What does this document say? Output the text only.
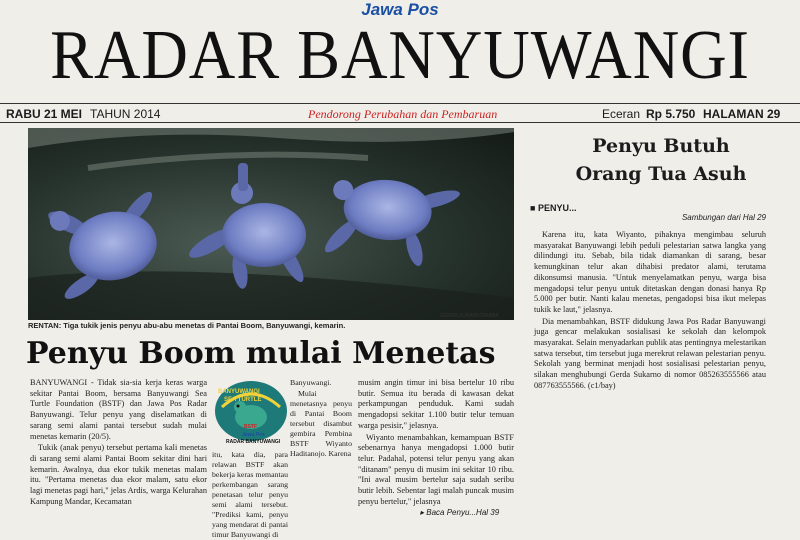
Jawa Pos
RADAR BANYUWANGI
RABU 21 MEI TAHUN 2014	Pendorong Perubahan dan Pembaruan	Eceran Rp 5.750 HALAMAN 29
GERDA SUKARNO/RABA
RENTAN: Tiga tukik jenis penyu abu-abu menetas di Pantai Boom, Banyuwangi, kemarin.
Penyu Boom mulai Menetas

BANYUWANGI - Tidak sia-sia kerja keras warga sekitar Pantai Boom, bersama Banyuwangi Sea Turtle Foundation (BSTF) dan Jawa Pos Radar Banyuwangi. Telur penyu yang diselamatkan di sarang semi alami pantai tersebut sudah mulai menetas kemarin (20/5).

Tukik (anak penyu) tersebut pertama kali menetas di sarang semi alami Pantai Boom sekitar dini hari kemarin. Awalnya, dua ekor tukik menetas malam itu. "Pertama menetas dua ekor malam, satu ekor lagi menetas pagi hari," jelas Ardis, warga Kelurahan Kampung Mandar, Kecamatan

BANYUWANGI
SEA TURTLE
BSTF
Jawa Pos
RADAR BANYUWANGI

itu, kata dia, para relawan BSTF akan bekerja keras memantau perkembangan sarang penetasan telur penyu semi alami tersebut. "Prediksi kami, penyu yang mendarat di pantai timur Banyuwangi di

Banyuwangi.

Mulai menetasnya penyu di Pantai Boom tersebut disambut gembira Pembina BSTF Wiyanto Haditanojo. Karena

musim angin timur ini bisa bertelur 10 ribu butir. Semua itu berada di kawasan dekat perkampungan penduduk. Kami sudah mengadopsi sekitar 1.100 butir telur temuan warga pesisir," jelasnya.

Wiyanto menambahkan, kemampuan BSTF sebenarnya hanya mengadopsi 1.000 butir telur. Padahal, potensi telur penyu yang akan "ditanam" penyu di musim ini sekitar 10 ribu. "Ini awal musim bertelur saja sudah seribu butir lebih. Sebentar lagi malah puncak musim penyu bertelur," jelasnya

▸ Baca Penyu...Hal 39
Penyu Butuh
Orang Tua Asuh
■ PENYU...
Sambungan dari Hal 29

Karena itu, kata Wiyanto, pihaknya mengimbau seluruh masyarakat Banyuwangi lebih peduli pelestarian satwa langka yang dilindungi itu. Sebab, bila tidak diamankan di sarang, besar kemungkinan telur akan dihabisi predator alami, terutama dikonsumsi manusia. "Untuk menyelamatkan penyu, warga bisa mengadopsi telur penyu untuk ditetaskan dengan donasi hanya Rp 5.000 per butir. Nanti kalau menetas, pengadopsi bisa ikut melepas tukik ke laut," jelasnya.

Dia menambahkan, BSTF didukung Jawa Pos Radar Banyuwangi juga gencar melakukan sosialisasi ke sekolah dan kelompok masyarakat. Selain menyadarkan publik atas pentingnya melestarikan satwa tersebut, tim tersebut juga merekrut relawan pelestarian penyu. Sekolah yang berminat menjadi host sosialisasi pelestarian penyu, silakan menghubungi Gerda Sukarno di nomor 085263555566 atau 087763555566. (c1/bay)
